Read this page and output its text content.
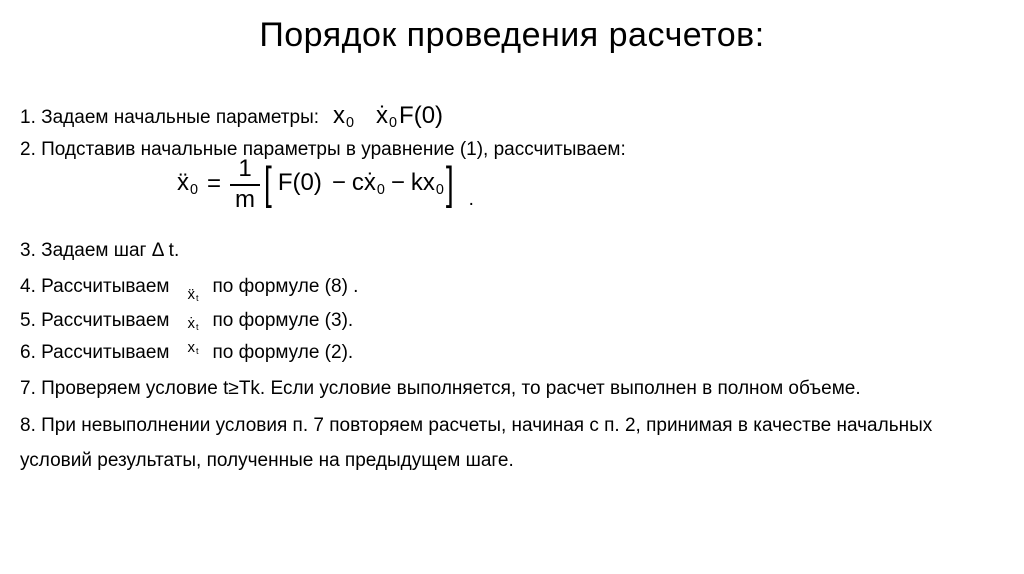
Порядок проведения расчетов:
1. Задаем начальные параметры: x0 ẋ0F(0)
2. Подставив начальные параметры в уравнение (1), рассчитываем:
ẍ0 = $\frac{1}{m}$ [ F(0) − cẋ0 − kx0 ] .
3. Задаем шаг Δ t.
4. Рассчитываем ẍtпо формуле (8) .
5. Рассчитываем ẋt по формуле (3).
6. Рассчитываем xt по формуле (2).
7. Проверяем условие t≥Tk. Если условие выполняется, то расчет выполнен в полном объеме.
8. При невыполнении условия п. 7 повторяем расчеты, начиная с п. 2, принимая в качестве начальных условий результаты, полученные на предыдущем шаге.
